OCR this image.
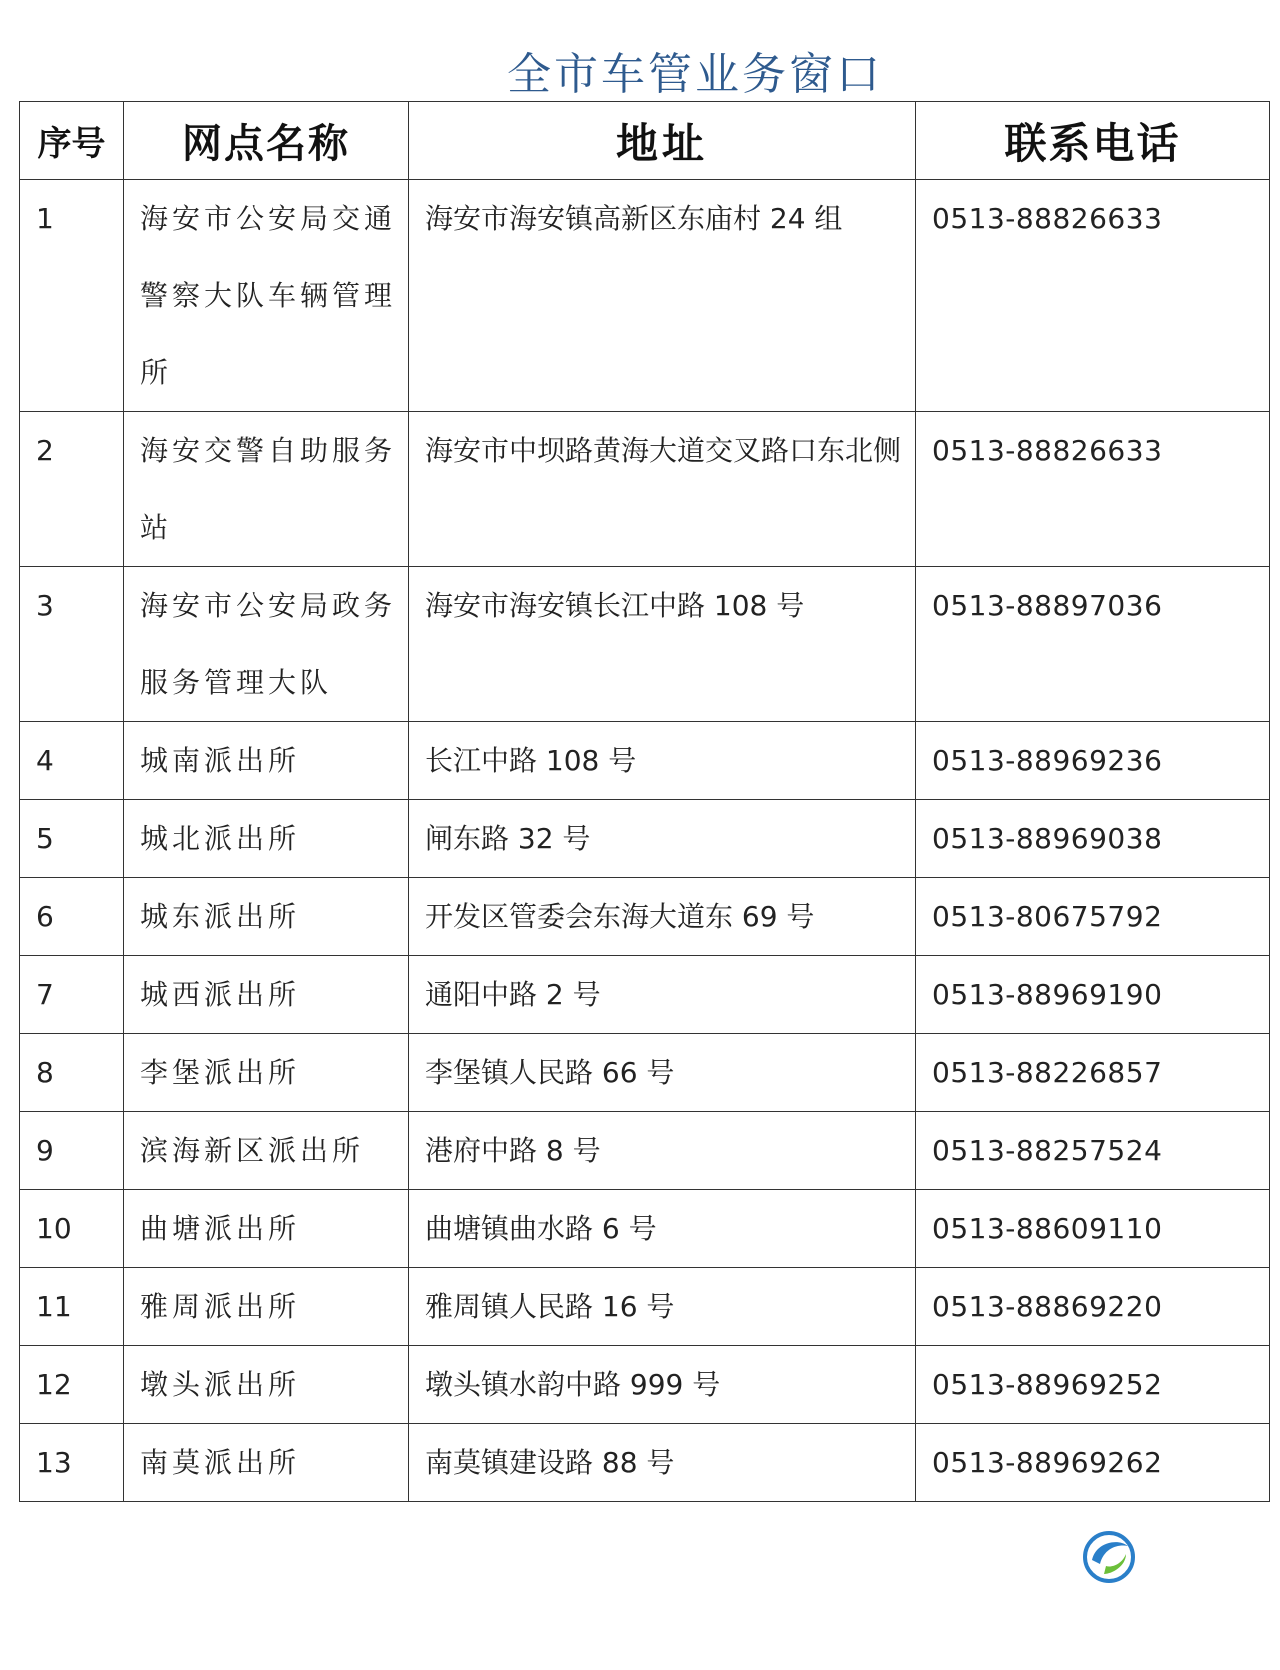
全市车管业务窗口
序号	网点名称	地址	联系电话
1	海安市公安局交通警察大队车辆管理所	海安市海安镇高新区东庙村 24 组	0513-88826633
2	海安交警自助服务站	海安市中坝路黄海大道交叉路口东北侧	0513-88826633
3	海安市公安局政务服务管理大队	海安市海安镇长江中路 108 号	0513-88897036
4	城南派出所	长江中路 108 号	0513-88969236
5	城北派出所	闸东路 32 号	0513-88969038
6	城东派出所	开发区管委会东海大道东 69 号	0513-80675792
7	城西派出所	通阳中路 2 号	0513-88969190
8	李堡派出所	李堡镇人民路 66 号	0513-88226857
9	滨海新区派出所	港府中路 8 号	0513-88257524
10	曲塘派出所	曲塘镇曲水路 6 号	0513-88609110
11	雅周派出所	雅周镇人民路 16 号	0513-88869220
12	墩头派出所	墩头镇水韵中路 999 号	0513-88969252
13	南莫派出所	南莫镇建设路 88 号	0513-88969262
